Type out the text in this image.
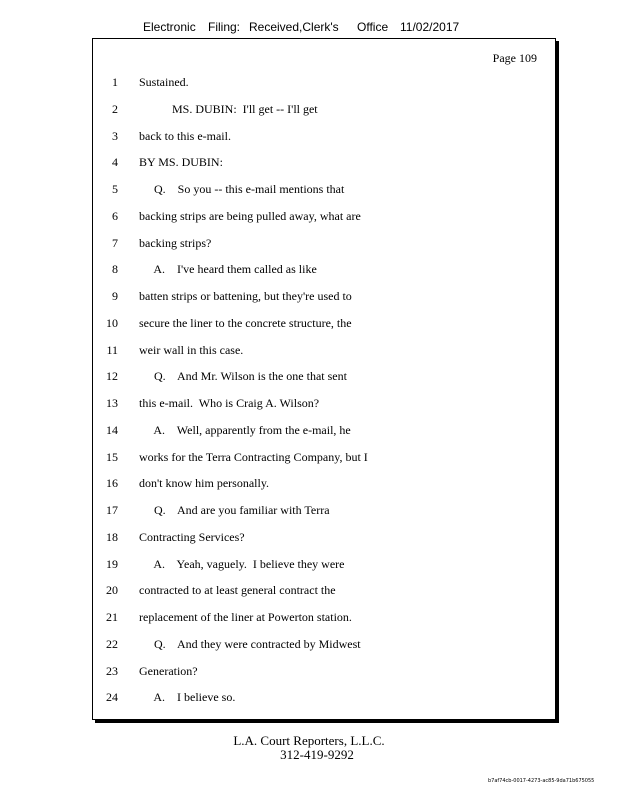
Electronic Filing: Received,Clerk's Office 11/02/2017
Page 109
1 Sustained.
2 MS. DUBIN:  I'll get -- I'll get
3 back to this e-mail.
4 BY MS. DUBIN:
5 Q.    So you -- this e-mail mentions that
6 backing strips are being pulled away, what are
7 backing strips?
8 A.    I've heard them called as like
9 batten strips or battening, but they're used to
10 secure the liner to the concrete structure, the
11 weir wall in this case.
12 Q.    And Mr. Wilson is the one that sent
13 this e-mail.  Who is Craig A. Wilson?
14 A.    Well, apparently from the e-mail, he
15 works for the Terra Contracting Company, but I
16 don't know him personally.
17 Q.    And are you familiar with Terra
18 Contracting Services?
19 A.    Yeah, vaguely.  I believe they were
20 contracted to at least general contract the
21 replacement of the liner at Powerton station.
22 Q.    And they were contracted by Midwest
23 Generation?
24 A.    I believe so.
L.A. Court Reporters, L.L.C.
312-419-9292
b7af74cb-0017-4273-ac85-9da71b675055
